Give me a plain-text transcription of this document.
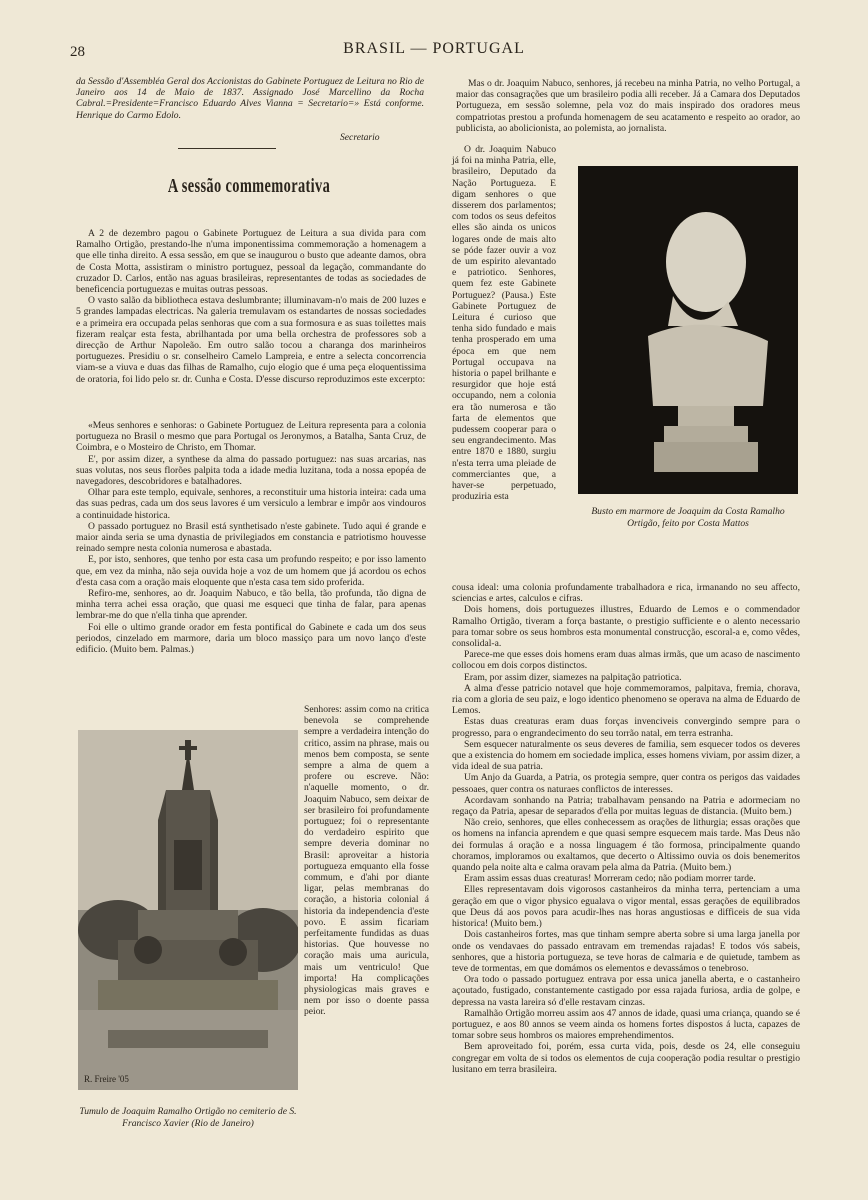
28	BRASIL — PORTUGAL

da Sessão d'Assembléa Geral dos Accionistas do Gabinete Portuguez de Leitura no Rio de Janeiro aos 14 de Maio de 1837. Assignado José Marcellino da Rocha Cabral.=Presidente=Francisco Eduardo Alves Vianna = Secretario=» Está conforme. Henrique do Carmo Edolo.

Secretario
A sessão commemorativa

A 2 de dezembro pagou o Gabinete Portuguez de Leitura a sua divida para com Ramalho Ortigão, prestando-lhe n'uma imponentissima commemoração a homenagem a que elle tinha direito. A essa sessão, em que se inaugurou o busto que adeante damos, obra de Costa Motta, assistiram o ministro portuguez, pessoal da legação, commandante do cruzador D. Carlos, então nas aguas brasileiras, representantes de todas as sociedades de beneficencia portuguezas e muitas outras pessoas.

O vasto salão da bibliotheca estava deslumbrante; illuminavam-n'o mais de 200 luzes e 5 grandes lampadas electricas. Na galeria tremulavam os estandartes de nossas sociedades e a primeira era occupada pelas senhoras que com a sua formosura e as suas toilettes mais fizeram realçar esta festa, abrilhantada por uma bella orchestra de professores sob a direcção de Arthur Napoleão. Em outro salão tocou a charanga dos marinheiros portuguezes. Presidiu o sr. conselheiro Camelo Lampreia, e entre a selecta concorrencia viam-se a viuva e duas das filhas de Ramalho, cujo elogio que é uma peça eloquentissima de oratoria, foi lido pelo sr. dr. Cunha e Costa. D'esse discurso reproduzimos este excerpto:

«Meus senhores e senhoras: o Gabinete Portuguez de Leitura representa para a colonia portugueza no Brasil o mesmo que para Portugal os Jeronymos, a Batalha, Santa Cruz, de Coimbra, e o Mosteiro de Christo, em Thomar.

E', por assim dizer, a synthese da alma do passado portuguez: nas suas arcarias, nas suas volutas, nos seus florões palpita toda a idade media luzitana, toda a nossa epopéa de navegadores, descobridores e batalhadores.

Olhar para este templo, equivale, senhores, a reconstituir uma historia inteira: cada uma das suas pedras, cada um dos seus lavores é um versiculo a lembrar e impôr aos vindouros a continuidade historica.

O passado portuguez no Brasil está synthetisado n'este gabinete. Tudo aqui é grande e maior ainda seria se uma dynastia de privilegiados em constancia e patriotismo houvesse reinado sempre nesta colonia numerosa e abastada.

E, por isto, senhores, que tenho por esta casa um profundo respeito; e por isso lamento que, em vez da minha, não seja ouvida hoje a voz de um homem que já acordou os echos d'esta casa com a oração mais eloquente que n'esta casa tem sido proferida.

Refiro-me, senhores, ao dr. Joaquim Nabuco, e tão bella, tão profunda, tão digna de minha terra achei essa oração, que quasi me esqueci que tinha de falar, para apenas lembrar-me do que n'ella tinha que aprender.

Foi elle o ultimo grande orador em festa pontifical do Gabinete e cada um dos seus periodos, cinzelado em marmore, daria um bloco massiço para um novo lanço d'este edificio. (Muito bem. Palmas.)

R. Freire '05
Tumulo de Joaquim Ramalho Ortigão no cemiterio de S. Francisco Xavier (Rio de Janeiro)

Senhores: assim como na critica benevola se comprehende sempre a verdadeira intenção do critico, assim na phrase, mais ou menos bem composta, se sente sempre a alma de quem a profere ou escreve. Não: n'aquelle momento, o dr. Joaquim Nabuco, sem deixar de ser brasileiro foi profundamente portuguez; foi o representante do verdadeiro espirito que sempre deveria dominar no Brasil: aproveitar a historia portugueza emquanto ella fosse commum, e d'ahi por diante ligar, pelas membranas do coração, a historia colonial á historia da independencia d'este povo. E assim ficariam perfeitamente fundidas as duas historias. Que houvesse no coração mais uma auricula, mais um ventriculo! Que importa! Ha complicações physiologicas mais graves e nem por isso o doente passa peior.

Mas o dr. Joaquim Nabuco, senhores, já recebeu na minha Patria, no velho Portugal, a maior das consagrações que um brasileiro podia alli receber. Já a Camara dos Deputados Portugueza, em sessão solemne, pela voz do mais inspirado dos oradores meus compatriotas prestou a profunda homenagem de seu acatamento e respeito ao orador, ao publicista, ao abolicionista, ao polemista, ao jornalista.

O dr. Joaquim Nabuco já foi na minha Patria, elle, brasileiro, Deputado da Nação Portugueza. E digam senhores o que disserem dos parlamentos; com todos os seus defeitos elles são ainda os unicos logares onde de mais alto se póde fazer ouvir a voz de um espirito alevantado e patriotico. Senhores, quem fez este Gabinete Portuguez? (Pausa.) Este Gabinete Portuguez de Leitura é curioso que tenha sido fundado e mais tenha prosperado em uma época em que nem Portugal occupava na historia o papel brilhante e resurgidor que hoje está occupando, nem a colonia era tão numerosa e tão farta de elementos que pudessem cooperar para o seu engrandecimento. Mas entre 1870 e 1880, surgiu n'esta terra uma pleiade de commerciantes que, a haver-se perpetuado, produziria esta

Busto em marmore de Joaquim da Costa Ramalho Ortigão, feito por Costa Mattos

cousa ideal: uma colonia profundamente trabalhadora e rica, irmanando no seu affecto, sciencias e artes, calculos e cifras.

Dois homens, dois portuguezes illustres, Eduardo de Lemos e o commendador Ramalho Ortigão, tiveram a força bastante, o prestigio sufficiente e o alento necessario para tomar sobre os seus hombros esta monumental construcção, escoral-a e, como vêdes, consolidal-a.

Parece-me que esses dois homens eram duas almas irmãs, que um acaso de nascimento collocou em dois corpos distinctos.

Eram, por assim dizer, siamezes na palpitação patriotica.

A alma d'esse patricio notavel que hoje commemoramos, palpitava, fremia, chorava, ria com a gloria de seu paiz, e logo identico phenomeno se operava na alma de Eduardo de Lemos.

Estas duas creaturas eram duas forças invenciveis convergindo sempre para o progresso, para o engrandecimento do seu torrão natal, em terra estranha.

Sem esquecer naturalmente os seus deveres de familia, sem esquecer todos os deveres que a existencia do homem em sociedade implica, esses homens viviam, por assim dizer, a vida ideal de sua patria.

Um Anjo da Guarda, a Patria, os protegia sempre, quer contra os perigos das vaidades pessoaes, quer contra os naturaes conflictos de interesses.

Acordavam sonhando na Patria; trabalhavam pensando na Patria e adormeciam no regaço da Patria, apesar de separados d'ella por muitas leguas de distancia. (Muito bem.)

Não creio, senhores, que elles conhecessem as orações de lithurgia; essas orações que os homens na infancia aprendem e que quasi sempre esquecem mais tarde. Mas Deus não dei formulas á oração e a nossa linguagem é tão formosa, principalmente quando choramos, imploramos ou exaltamos, que decerto o Altissimo ouvia os dois benemeritos quando pela noite alta e calma oravam pela alma da Patria. (Muito bem.)

Eram assim essas duas creaturas! Morreram cedo; não podiam morrer tarde.

Elles representavam dois vigorosos castanheiros da minha terra, pertenciam a uma geração em que o vigor physico egualava o vigor mental, essas gerações de equilibrados que Deus dá aos povos para acudir-lhes nas horas angustiosas e difficeis de sua vida historica! (Muito bem.)

Dois castanheiros fortes, mas que tinham sempre aberta sobre si uma larga janella por onde os vendavaes do passado entravam em tremendas rajadas! E todos vós sabeis, senhores, que a historia portugueza, se teve horas de calmaria e de quietude, tambem as teve de tormentas, em que domámos os elementos e devassámos o tenebroso.

Ora todo o passado portuguez entrava por essa unica janella aberta, e o castanheiro açoutado, fustigado, constantemente castigado por essa rajada furiosa, ardia de golpe, e depressa na vasta lareira só d'elle restavam cinzas.

Ramalhão Ortigão morreu assim aos 47 annos de idade, quasi uma criança, quando se é portuguez, e aos 80 annos se veem ainda os homens fortes dispostos á lucta, capazes de tomar sobre seus hombros os maiores emprehendimentos.

Bem aproveitado foi, porém, essa curta vida, pois, desde os 24, elle conseguiu congregar em volta de si todos os elementos de cuja cooperação podia resultar o prestigio lusitano em terra brasileira.
